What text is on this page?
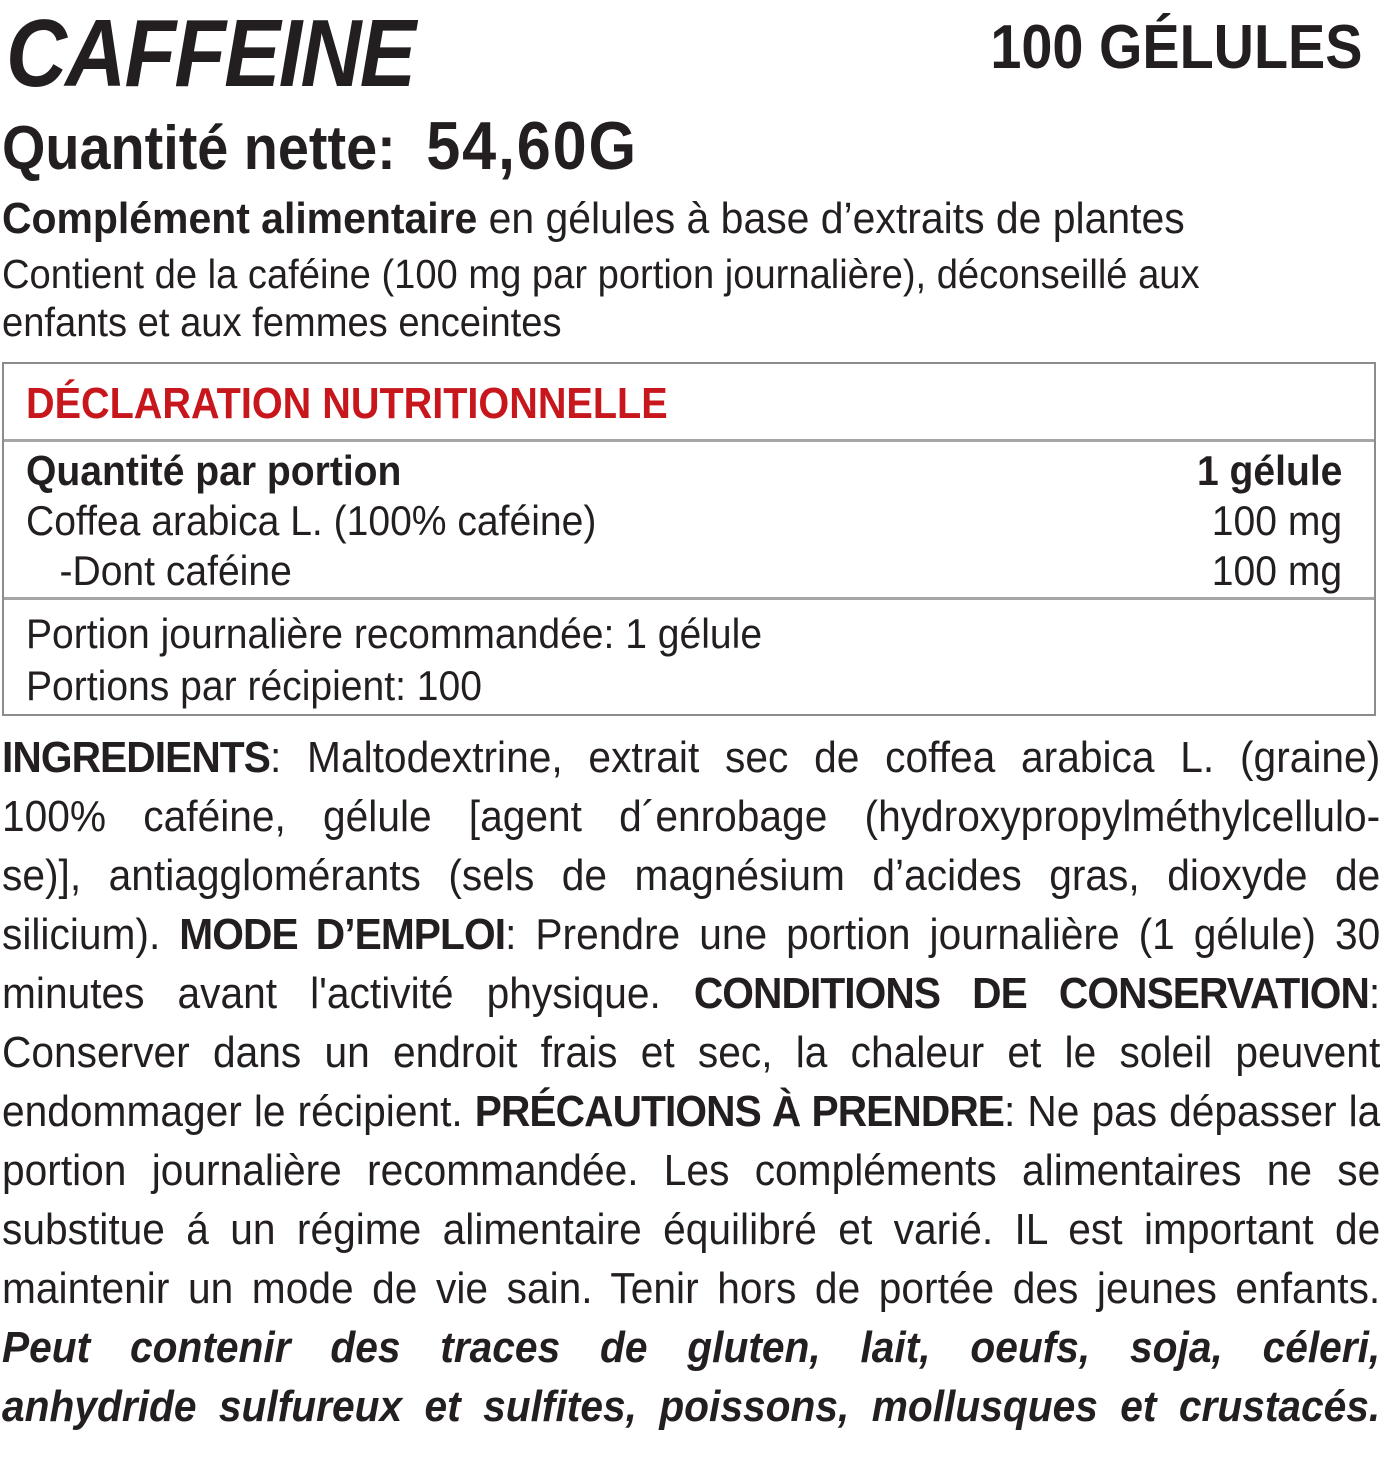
CAFFEINE	100 GÉLULES
Quantité nette: 54,60G
Complément alimentaire en gélules à base d’extraits de plantes
Contient de la caféine (100 mg par portion journalière), déconseillé aux enfants et aux femmes enceintes
DÉCLARATION NUTRITIONNELLE
Quantité par portion	1 gélule
Coffea arabica L. (100% caféine)	100 mg
-Dont caféine	100 mg
Portion journalière recommandée: 1 gélule
Portions par récipient: 100
INGREDIENTS: Maltodextrine, extrait sec de coffea arabica L. (graine)
100% caféine, gélule [agent d´enrobage (hydroxypropylméthylcellulo-
se)], antiagglomérants (sels de magnésium d’acides gras, dioxyde de
silicium). MODE D’EMPLOI: Prendre une portion journalière (1 gélule) 30
minutes avant l'activité physique. CONDITIONS DE CONSERVATION:
Conserver dans un endroit frais et sec, la chaleur et le soleil peuvent
endommager le récipient. PRÉCAUTIONS À PRENDRE: Ne pas dépasser la
portion journalière recommandée. Les compléments alimentaires ne se
substitue á un régime alimentaire équilibré et varié. IL est important de
maintenir un mode de vie sain. Tenir hors de portée des jeunes enfants.
Peut contenir des traces de gluten, lait, oeufs, soja, céleri,
anhydride sulfureux et sulfites, poissons, mollusques et crustacés.
